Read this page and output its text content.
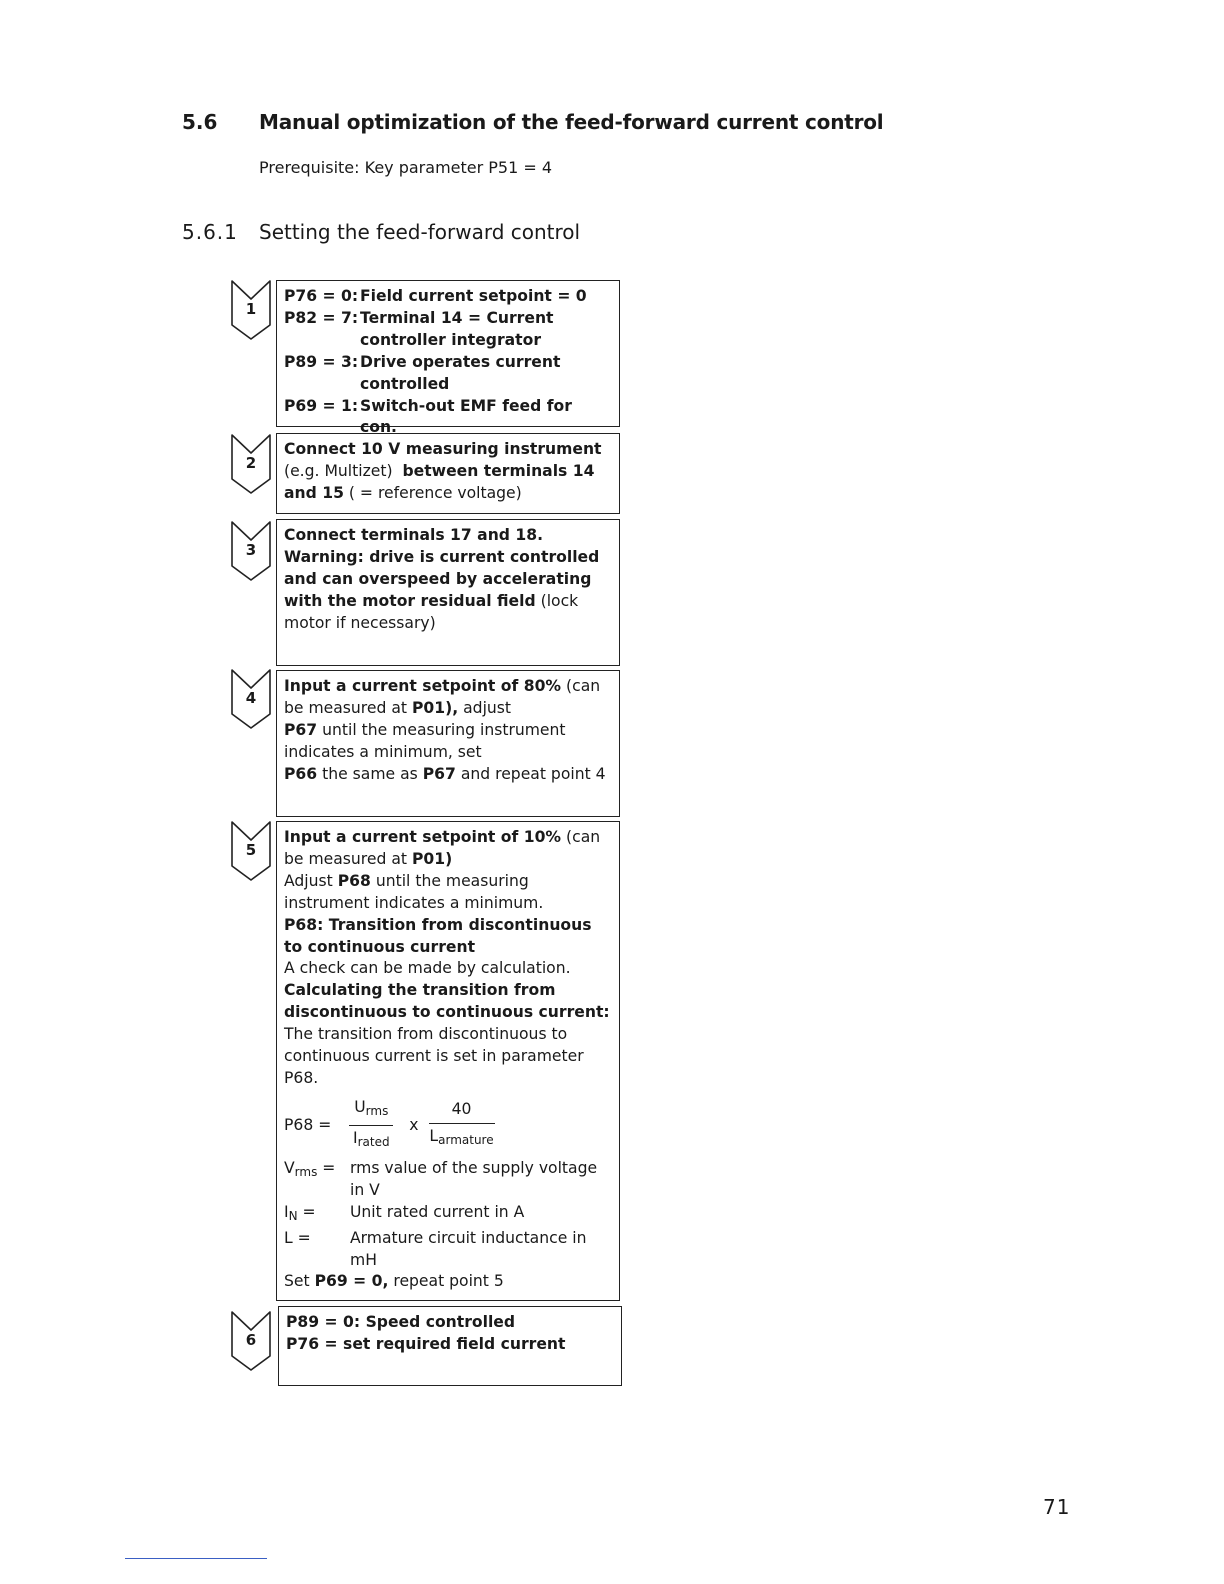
5.6 Manual optimization of the feed-forward current control
Prerequisite: Key parameter P51 = 4
5.6.1 Setting the feed-forward control
1
P76 = 0: Field current setpoint = 0
P82 = 7: Terminal 14 = Current controller integrator
P89 = 3: Drive operates current controlled
P69 = 1: Switch-out EMF feed for con.
2
Connect 10 V measuring instrument
(e.g. Multizet) between terminals 14
and 15 ( = reference voltage)
3
Connect terminals 17 and 18.
Warning: drive is current controlled and can overspeed by accelerating with the motor residual field (lock motor if necessary)
4
Input a current setpoint of 80% (can be measured at P01), adjust
P67 until the measuring instrument indicates a minimum, set
P66 the same as P67 and repeat point 4
5
Input a current setpoint of 10% (can be measured at P01)
Adjust P68 until the measuring instrument indicates a minimum.
P68: Transition from discontinuous to continuous current
A check can be made by calculation.
Calculating the transition from discontinuous to continuous current:
The transition from discontinuous to continuous current is set in parameter P68.
P68 =
$U_{rms}$
$I_{rated}$
x
40
$L_{armature}$
$V_{rms}$ = rms value of the supply voltage in V
$I_N$ =	Unit rated current in A
L =	Armature circuit inductance in mH
Set P69 = 0, repeat point 5
6
P89 = 0: Speed controlled
P76 = set required field current
71
